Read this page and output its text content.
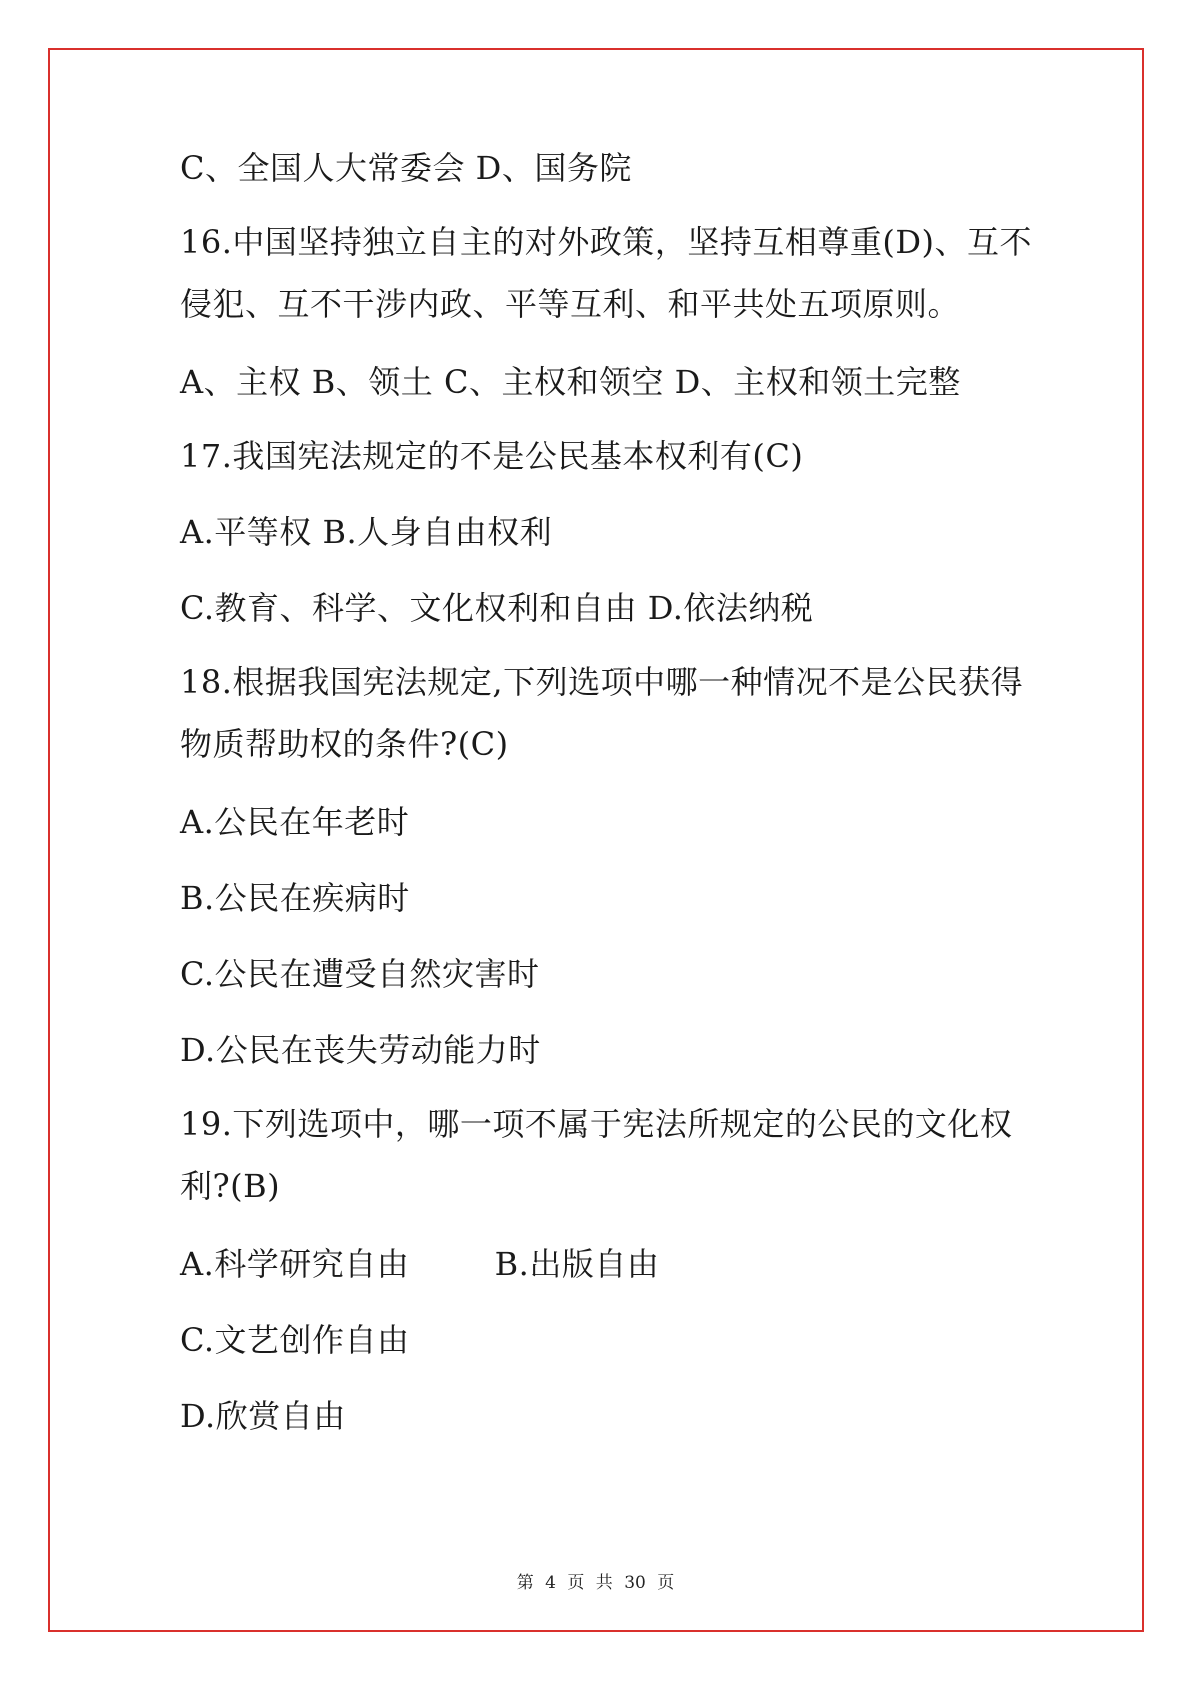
C、全国人大常委会 D、国务院
16.中国坚持独立自主的对外政策，坚持互相尊重(D)、互不
侵犯、互不干涉内政、平等互利、和平共处五项原则。
A、主权 B、领土 C、主权和领空 D、主权和领土完整
17.我国宪法规定的不是公民基本权利有(C)
A.平等权 B.人身自由权利
C.教育、科学、文化权利和自由 D.依法纳税
18.根据我国宪法规定,下列选项中哪一种情况不是公民获得
物质帮助权的条件?(C)
A.公民在年老时
B.公民在疾病时
C.公民在遭受自然灾害时
D.公民在丧失劳动能力时
19.下列选项中，哪一项不属于宪法所规定的公民的文化权
利?(B)
A.科学研究自由        B.出版自由
C.文艺创作自由
D.欣赏自由
第 4 页 共 30 页
